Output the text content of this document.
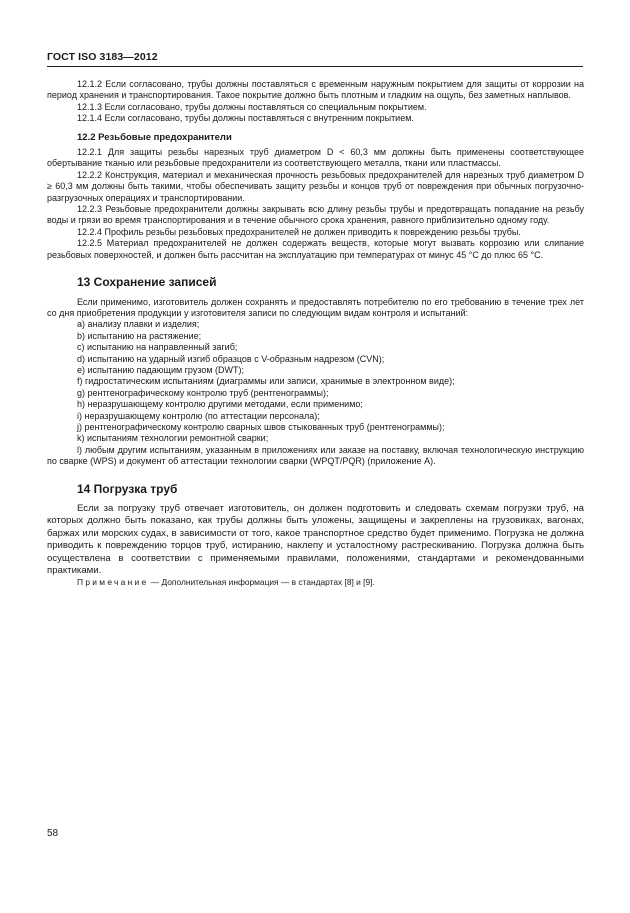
ГОСТ ISO 3183—2012

12.1.2 Если согласовано, трубы должны поставляться с временным наружным покрытием для защиты от коррозии на период хранения и транспортирования. Такое покрытие должно быть плотным и гладким на ощупь, без заметных наплывов.

12.1.3 Если согласовано, трубы должны поставляться со специальным покрытием.

12.1.4 Если согласовано, трубы должны поставляться с внутренним покрытием.

12.2 Резьбовые предохранители

12.2.1 Для защиты резьбы нарезных труб диаметром D < 60,3 мм должны быть применены соответствующее обертывание тканью или резьбовые предохранители из соответствующего металла, ткани или пластмассы.

12.2.2 Конструкция, материал и механическая прочность резьбовых предохранителей для нарезных труб диаметром D ≥ 60,3 мм должны быть такими, чтобы обеспечивать защиту резьбы и концов труб от повреждения при обычных погрузочно-разгрузочных операциях и транспортировании.

12.2.3 Резьбовые предохранители должны закрывать всю длину резьбы трубы и предотвращать попадание на резьбу воды и грязи во время транспортирования и в течение обычного срока хранения, равного приблизительно одному году.

12.2.4 Профиль резьбы резьбовых предохранителей не должен приводить к повреждению резьбы трубы.

12.2.5 Материал предохранителей не должен содержать веществ, которые могут вызвать коррозию или слипание резьбовых поверхностей, и должен быть рассчитан на эксплуатацию при температурах от минус 45 °С до плюс 65 °С.

13 Сохранение записей

Если применимо, изготовитель должен сохранять и предоставлять потребителю по его требованию в течение трех лет со дня приобретения продукции у изготовителя записи по следующим видам контроля и испытаний:

a) анализу плавки и изделия;
b) испытанию на растяжение;
c) испытанию на направленный загиб;
d) испытанию на ударный изгиб образцов с V-образным надрезом (CVN);
e) испытанию падающим грузом (DWT);
f) гидростатическим испытаниям (диаграммы или записи, хранимые в электронном виде);
g) рентгенографическому контролю труб (рентгенограммы);
h) неразрушающему контролю другими методами, если применимо;
i) неразрушающему контролю (по аттестации персонала);
j) рентгенографическому контролю сварных швов стыкованных труб (рентгенограммы);
k) испытаниям технологии ремонтной сварки;
l) любым другим испытаниям, указанным в приложениях или заказе на поставку, включая технологическую инструкцию по сварке (WPS) и документ об аттестации технологии сварки (WPQT/PQR) (приложение А).
14 Погрузка труб

Если за погрузку труб отвечает изготовитель, он должен подготовить и следовать схемам погрузки труб, на которых должно быть показано, как трубы должны быть уложены, защищены и закреплены на грузовиках, вагонах, баржах или морских судах, в зависимости от того, какое транспортное средство будет применимо. Погрузка не должна приводить к повреждению торцов труб, истиранию, наклепу и усталостному растрескиванию. Погрузка должна быть осуществлена в соответствии с применяемыми правилами, положениями, стандартами и рекомендованными практиками.

Примечание — Дополнительная информация — в стандартах [8] и [9].

58
